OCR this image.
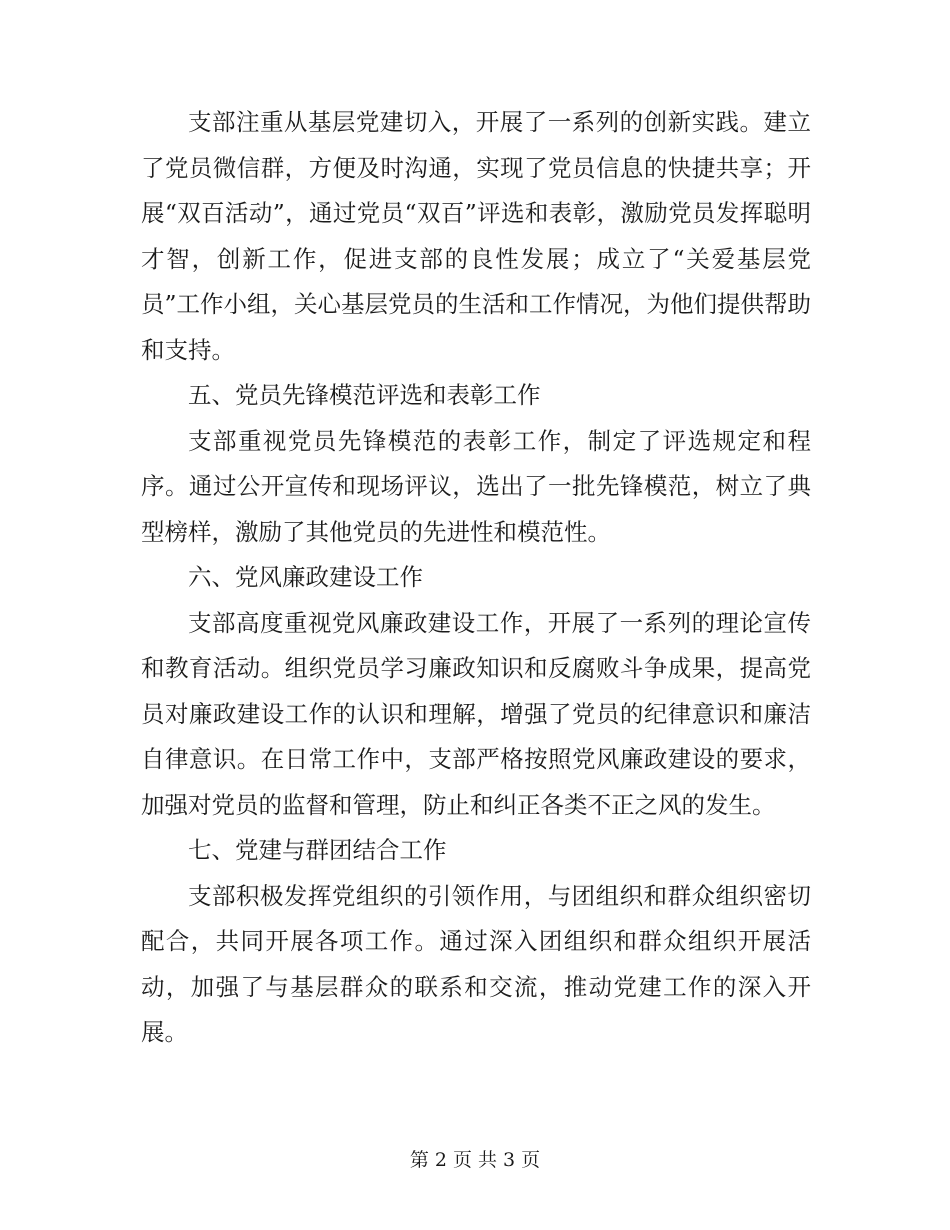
支部注重从基层党建切入，开展了一系列的创新实践。建立了党员微信群，方便及时沟通，实现了党员信息的快捷共享；开展“双百活动”，通过党员“双百”评选和表彰，激励党员发挥聪明才智，创新工作，促进支部的良性发展；成立了“关爱基层党员”工作小组，关心基层党员的生活和工作情况，为他们提供帮助和支持。

五、党员先锋模范评选和表彰工作

支部重视党员先锋模范的表彰工作，制定了评选规定和程序。通过公开宣传和现场评议，选出了一批先锋模范，树立了典型榜样，激励了其他党员的先进性和模范性。

六、党风廉政建设工作

支部高度重视党风廉政建设工作，开展了一系列的理论宣传和教育活动。组织党员学习廉政知识和反腐败斗争成果，提高党员对廉政建设工作的认识和理解，增强了党员的纪律意识和廉洁自律意识。在日常工作中，支部严格按照党风廉政建设的要求，加强对党员的监督和管理，防止和纠正各类不正之风的发生。

七、党建与群团结合工作

支部积极发挥党组织的引领作用，与团组织和群众组织密切配合，共同开展各项工作。通过深入团组织和群众组织开展活动，加强了与基层群众的联系和交流，推动党建工作的深入开展。

第 2 页 共 3 页
